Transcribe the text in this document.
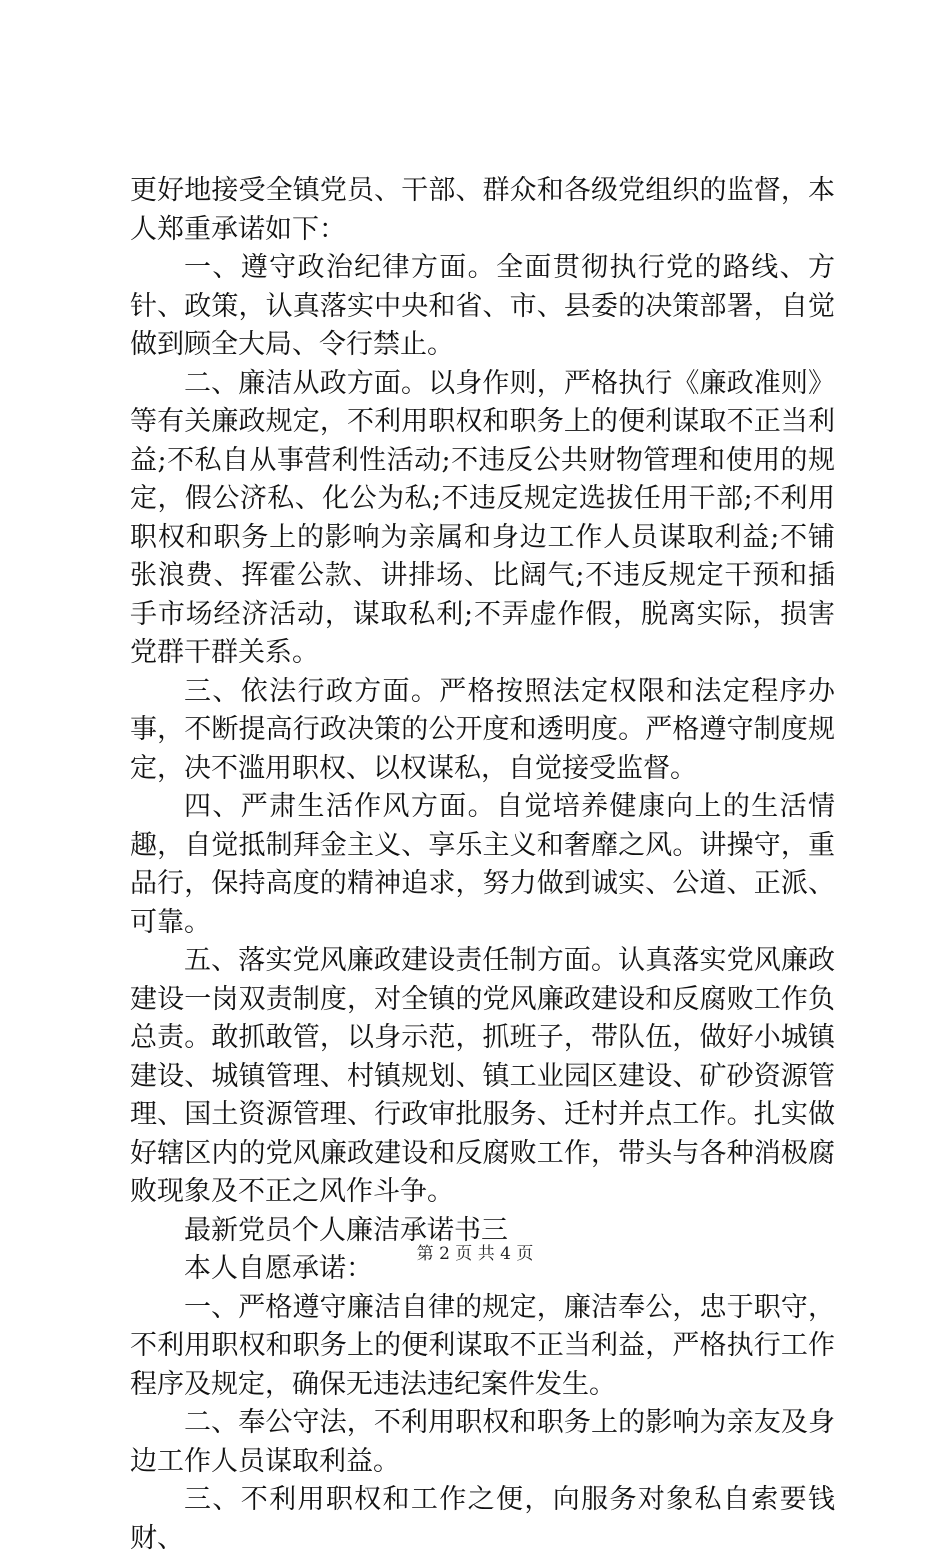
更好地接受全镇党员、干部、群众和各级党组织的监督，本人郑重承诺如下：

一、遵守政治纪律方面。全面贯彻执行党的路线、方针、政策，认真落实中央和省、市、县委的决策部署，自觉做到顾全大局、令行禁止。

二、廉洁从政方面。以身作则，严格执行《廉政准则》等有关廉政规定，不利用职权和职务上的便利谋取不正当利益;不私自从事营利性活动;不违反公共财物管理和使用的规定，假公济私、化公为私;不违反规定选拔任用干部;不利用职权和职务上的影响为亲属和身边工作人员谋取利益;不铺张浪费、挥霍公款、讲排场、比阔气;不违反规定干预和插手市场经济活动，谋取私利;不弄虚作假，脱离实际，损害党群干群关系。

三、依法行政方面。严格按照法定权限和法定程序办事，不断提高行政决策的公开度和透明度。严格遵守制度规定，决不滥用职权、以权谋私，自觉接受监督。

四、严肃生活作风方面。自觉培养健康向上的生活情趣，自觉抵制拜金主义、享乐主义和奢靡之风。讲操守，重品行，保持高度的精神追求，努力做到诚实、公道、正派、可靠。

五、落实党风廉政建设责任制方面。认真落实党风廉政建设一岗双责制度，对全镇的党风廉政建设和反腐败工作负总责。敢抓敢管，以身示范，抓班子，带队伍，做好小城镇建设、城镇管理、村镇规划、镇工业园区建设、矿砂资源管理、国土资源管理、行政审批服务、迁村并点工作。扎实做好辖区内的党风廉政建设和反腐败工作，带头与各种消极腐败现象及不正之风作斗争。

最新党员个人廉洁承诺书三

本人自愿承诺：

一、严格遵守廉洁自律的规定，廉洁奉公，忠于职守，不利用职权和职务上的便利谋取不正当利益，严格执行工作程序及规定，确保无违法违纪案件发生。

二、奉公守法，不利用职权和职务上的影响为亲友及身边工作人员谋取利益。

三、不利用职权和工作之便，向服务对象私自索要钱财、

第 2 页 共 4 页
